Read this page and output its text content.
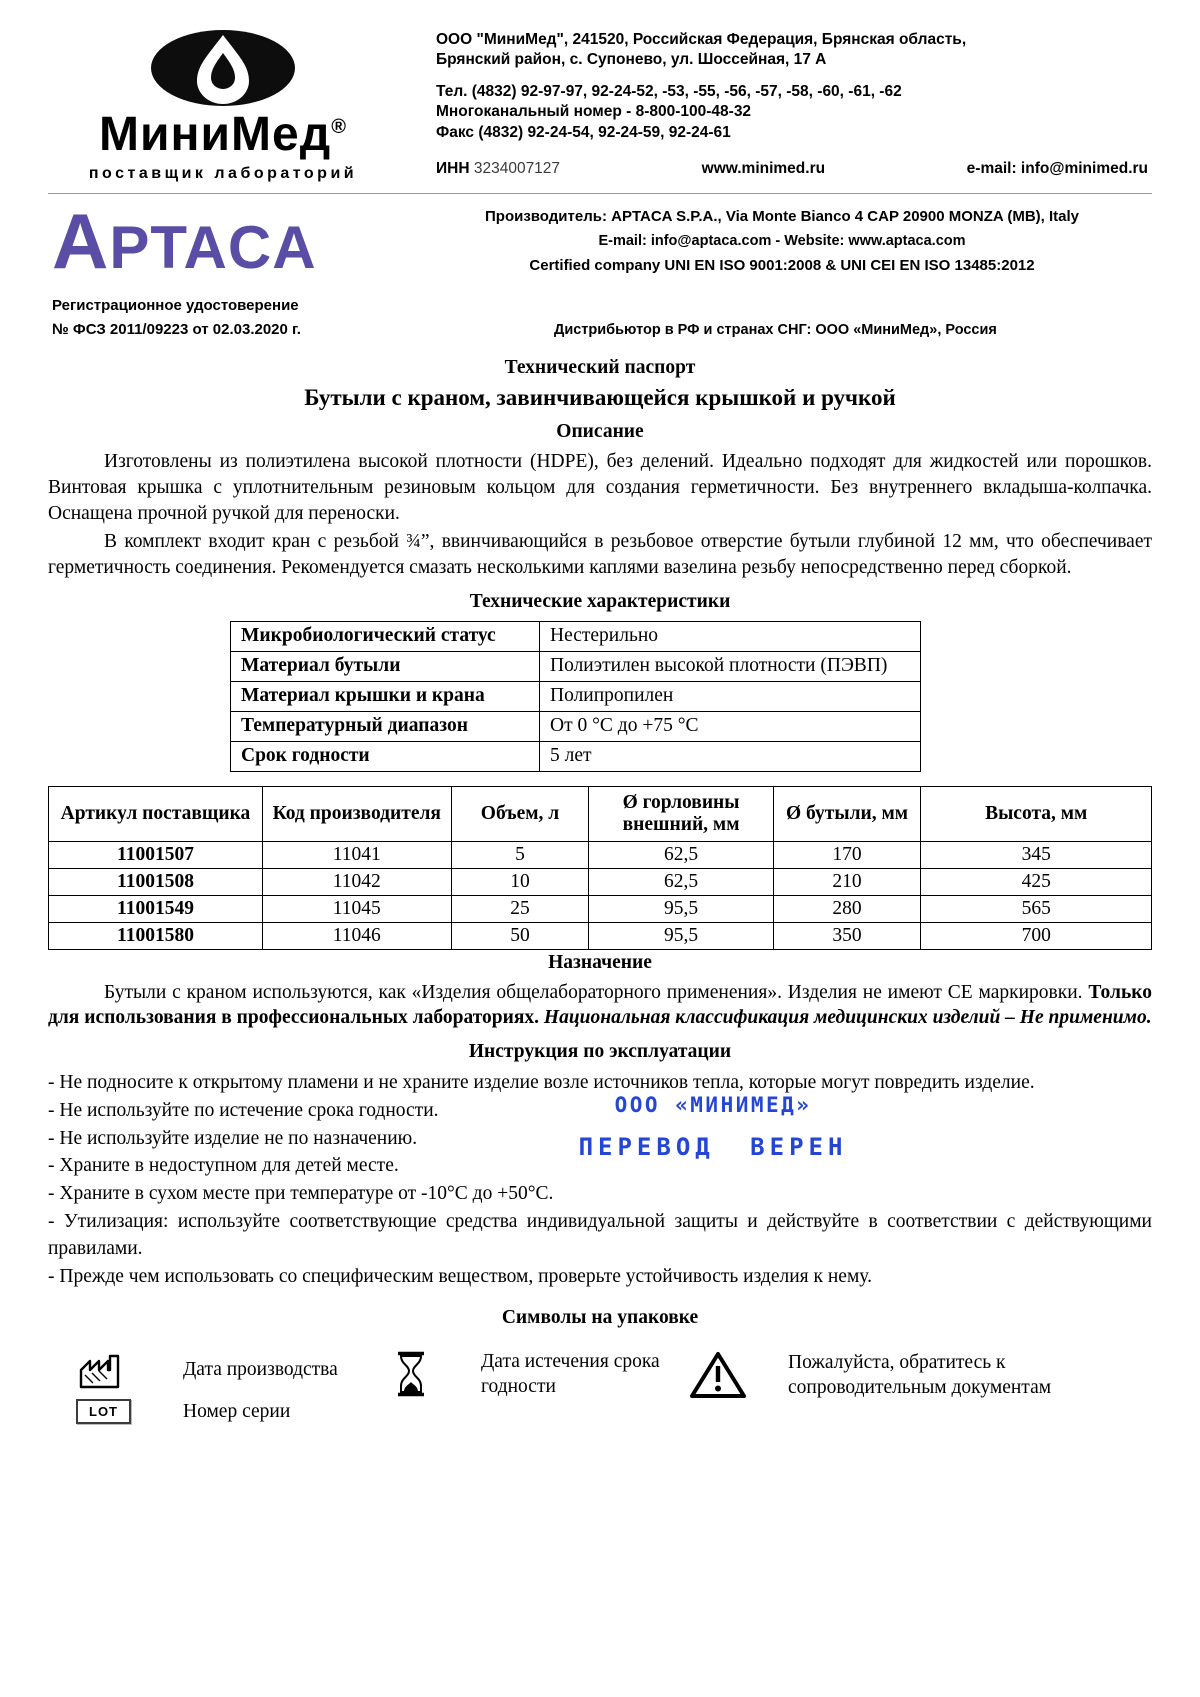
МиниМед®
поставщик лабораторий
ООО "МиниМед", 241520, Российская Федерация, Брянская область,
Брянский район, с. Супонево, ул. Шоссейная, 17 А
Тел. (4832) 92-97-97, 92-24-52, -53, -55, -56, -57, -58, -60, -61, -62
Многоканальный номер - 8-800-100-48-32
Факс (4832) 92-24-54, 92-24-59, 92-24-61
ИНН 3234007127	www.minimed.ru	e-mail: info@minimed.ru
APTACA	Производитель: APTACA S.P.A., Via Monte Bianco 4 CAP 20900 MONZA (MB), Italy
E-mail: info@aptaca.com - Website: www.aptaca.com
Certified company UNI EN ISO 9001:2008 & UNI CEI EN ISO 13485:2012
Регистрационное удостоверение
№ ФСЗ 2011/09223 от 02.03.2020 г.	Дистрибьютор в РФ и странах СНГ: ООО «МиниМед», Россия
Технический паспорт
Бутыли с краном, завинчивающейся крышкой и ручкой
Описание

Изготовлены из полиэтилена высокой плотности (HDPE), без делений. Идеально подходят для жидкостей или порошков. Винтовая крышка с уплотнительным резиновым кольцом для создания герметичности. Без внутреннего вкладыша-колпачка. Оснащена прочной ручкой для переноски.

В комплект входит кран с резьбой ¾”, ввинчивающийся в резьбовое отверстие бутыли глубиной 12 мм, что обеспечивает герметичность соединения. Рекомендуется смазать несколькими каплями вазелина резьбу непосредственно перед сборкой.

Технические характеристики
Микробиологический статус	Нестерильно
Материал бутыли	Полиэтилен высокой плотности (ПЭВП)
Материал крышки и крана	Полипропилен
Температурный диапазон	От 0 °С до +75 °С
Срок годности	5 лет
Артикул поставщика	Код производителя	Объем, л	Ø горловины внешний, мм	Ø бутыли, мм	Высота, мм
11001507	11041	5	62,5	170	345
11001508	11042	10	62,5	210	425
11001549	11045	25	95,5	280	565
11001580	11046	50	95,5	350	700
Назначение

Бутыли с краном используются, как «Изделия общелабораторного применения». Изделия не имеют СЕ маркировки. Только для использования в профессиональных лабораториях. Национальная классификация медицинских изделий – Не применимо.

Инструкция по эксплуатации
- Не подносите к открытому пламени и не храните изделие возле источников тепла, которые могут повредить изделие.
- Не используйте по истечение срока годности.
- Не используйте изделие не по назначению.
- Храните в недоступном для детей месте.
- Храните в сухом месте при температуре от -10°С до +50°С.
- Утилизация: используйте соответствующие средства индивидуальной защиты и действуйте в соответствии с действующими правилами.
- Прежде чем использовать со специфическим веществом, проверьте устойчивость изделия к нему.
ООО «МИНИМЕД»
ПЕРЕВОД ВЕРЕН
Символы на упаковке
Дата производства
LOT	Номер серии
Дата истечения срока годности
Пожалуйста, обратитесь к сопроводительным документам
